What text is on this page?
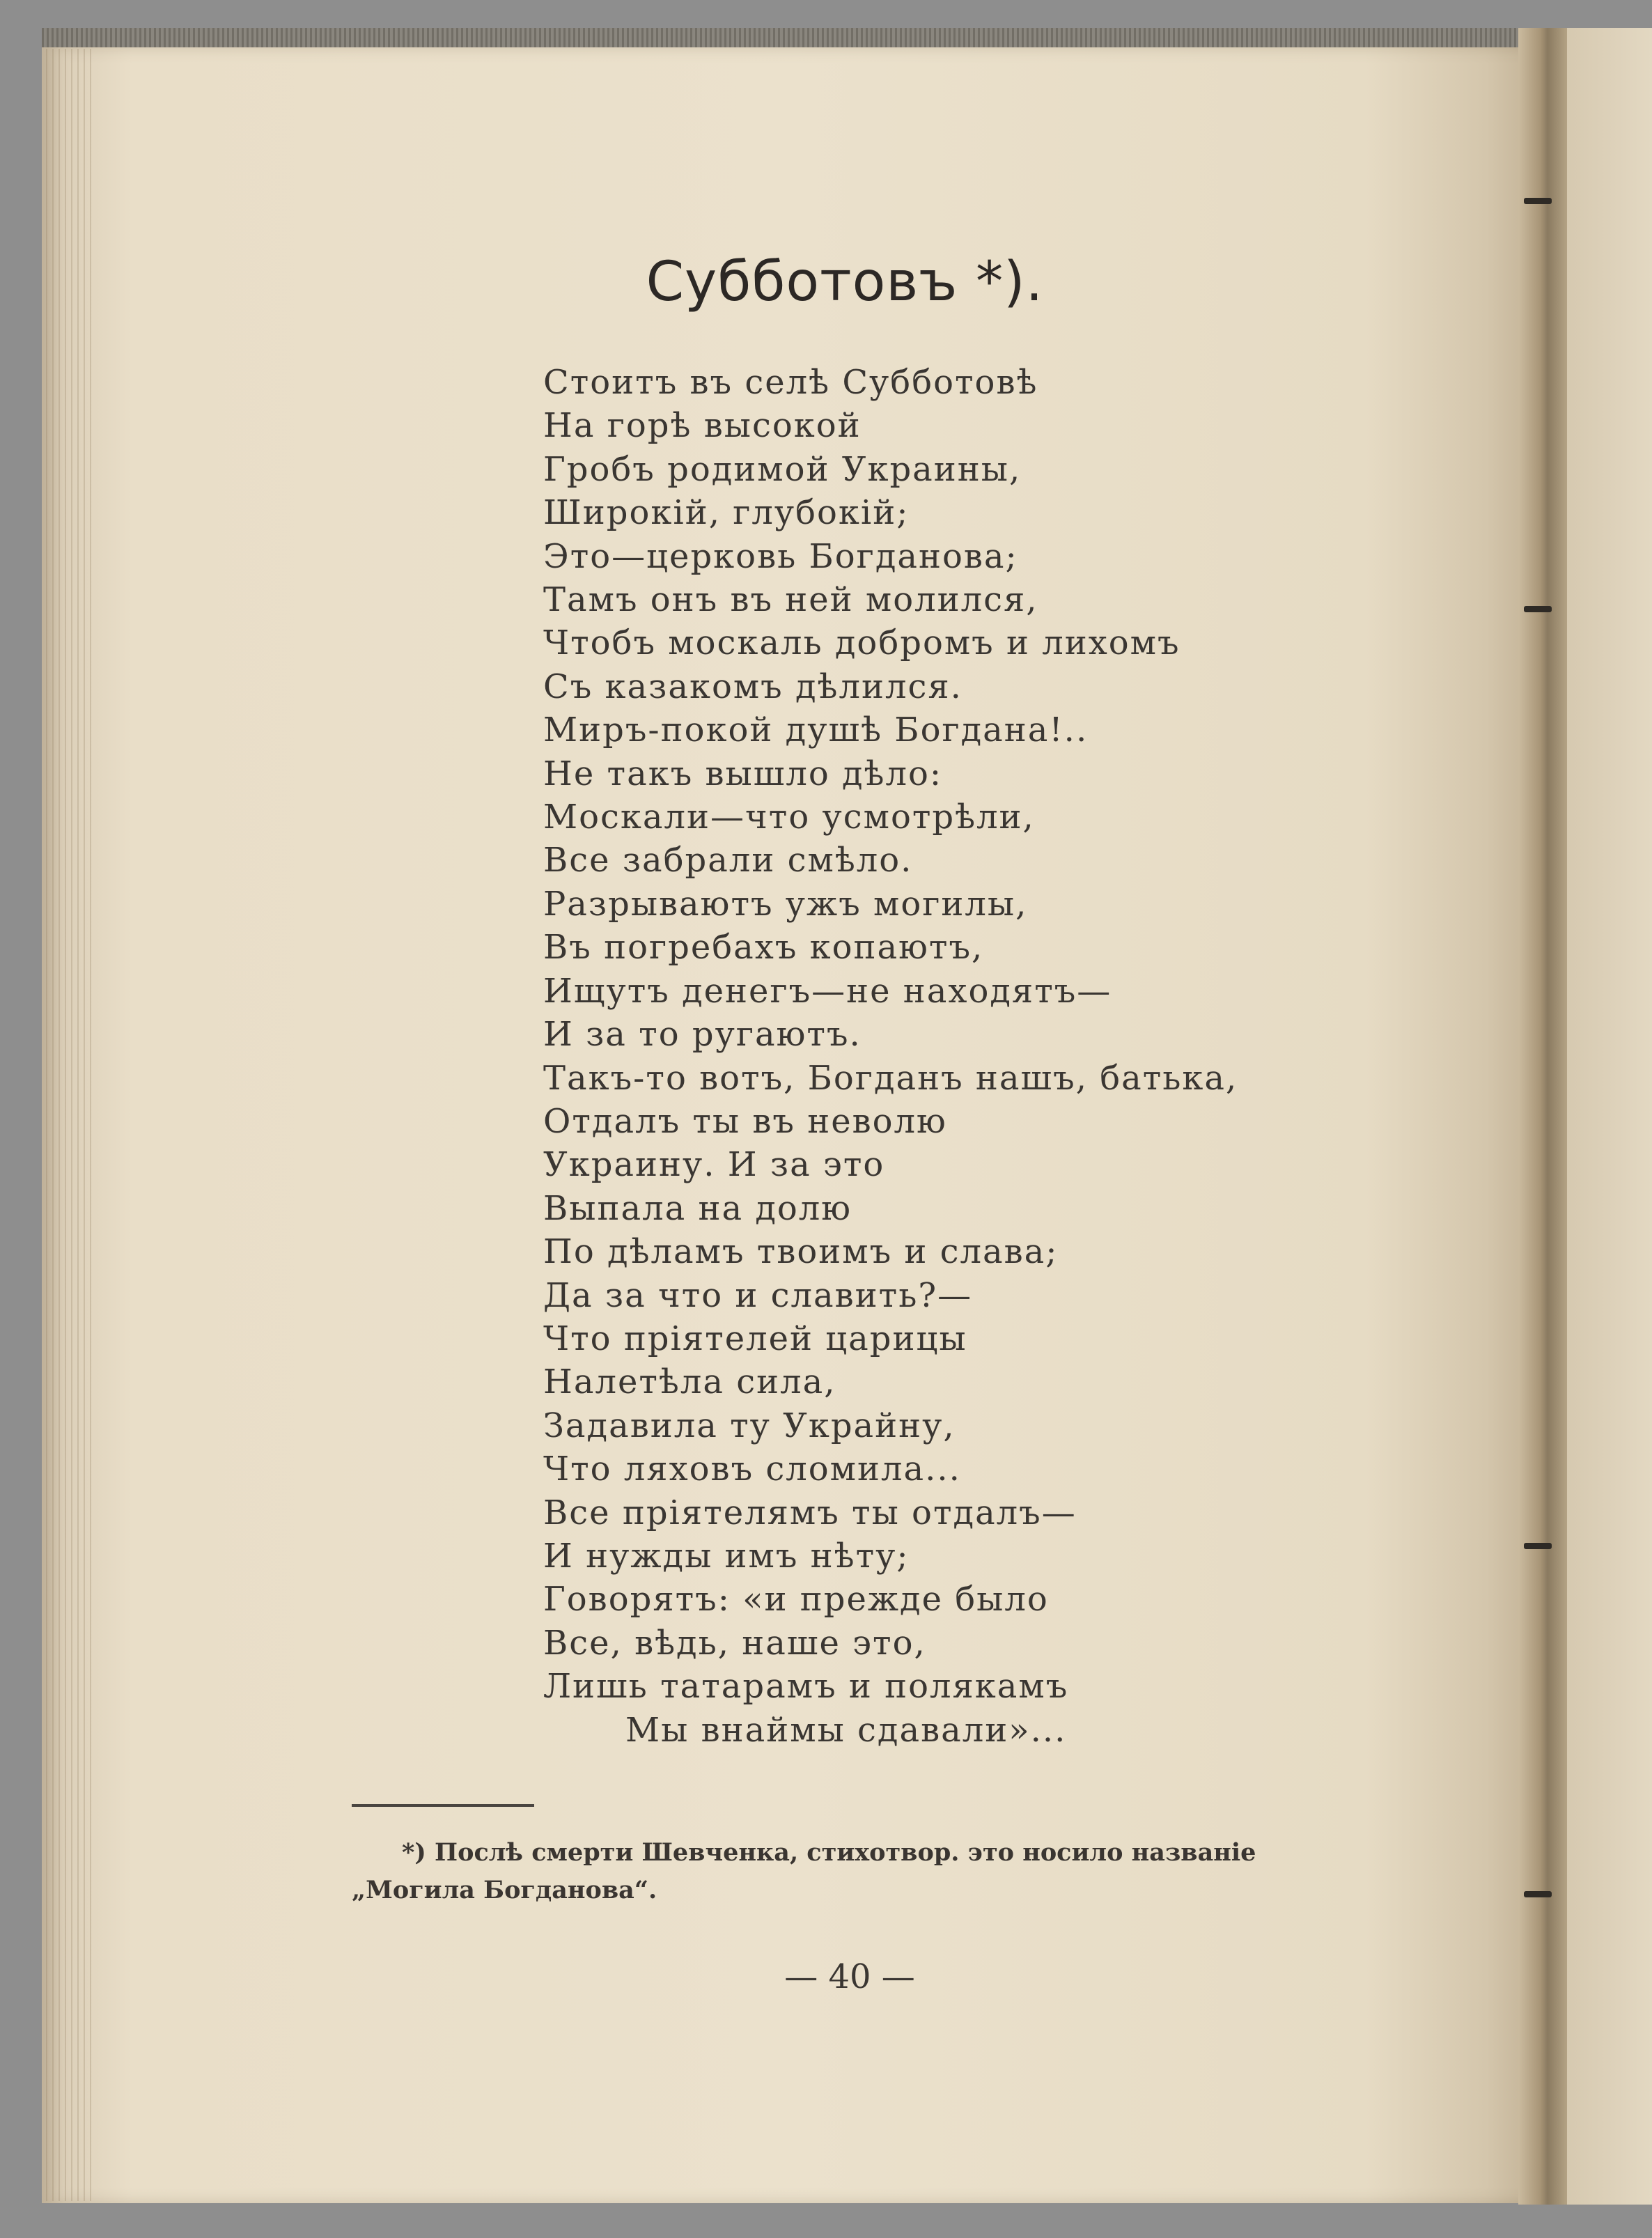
Субботовъ *).
Стоитъ въ селѣ Субботовѣ
На горѣ высокой
Гробъ родимой Украины,
Широкій, глубокій;
Это—церковь Богданова;
Тамъ онъ въ ней молился,
Чтобъ москаль добромъ и лихомъ
Съ казакомъ дѣлился.
Миръ-покой душѣ Богдана!..
Не такъ вышло дѣло:
Москали—что усмотрѣли,
Все забрали смѣло.
Разрываютъ ужъ могилы,
Въ погребахъ копаютъ,
Ищутъ денегъ—не находятъ—
И за то ругаютъ.
Такъ-то вотъ, Богданъ нашъ, батька,
Отдалъ ты въ неволю
Украину. И за это
Выпала на долю
По дѣламъ твоимъ и слава;
Да за что и славить?—
Что пріятелей царицы
Налетѣла сила,
Задавила ту Украйну,
Что ляховъ сломила...
Все пріятелямъ ты отдалъ—
И нужды имъ нѣту;
Говорятъ: «и прежде было
Все, вѣдь, наше это,
Лишь татарамъ и полякамъ
Мы внаймы сдавали»...
*) Послѣ смерти Шевченка, стихотвор. это носило названіе
„Могила Богданова“.
— 40 —
